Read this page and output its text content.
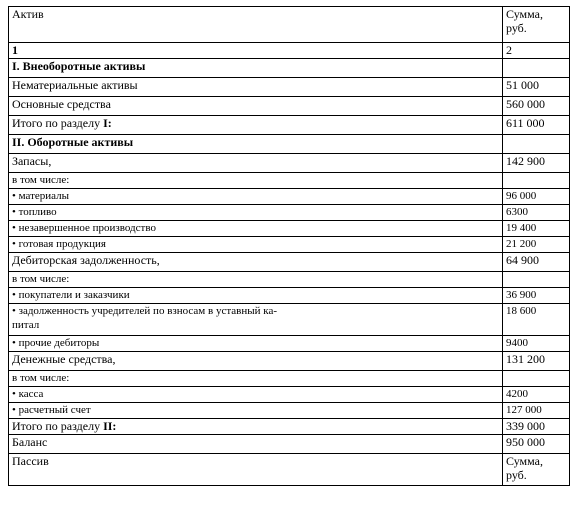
Актив	Сумма,
руб.
1	2
I. Внеоборотные активы	
Нематериальные активы	51 000
Основные средства	560 000
Итого по разделу I:	611 000
II. Оборотные активы	
Запасы,	142 900
в том числе:	
• материалы	96 000
• топливо	6300
• незавершенное производство	19 400
• готовая продукция	21 200
Дебиторская задолженность,	64 900
в том числе:	
• покупатели и заказчики	36 900
• задолженность учредителей по взносам в уставный ка-
питал	18 600
• прочие дебиторы	9400
Денежные средства,	131 200
в том числе:	
• касса	4200
• расчетный счет	127 000
Итого по разделу II:	339 000
Баланс	950 000
Пассив	Сумма,
руб.
